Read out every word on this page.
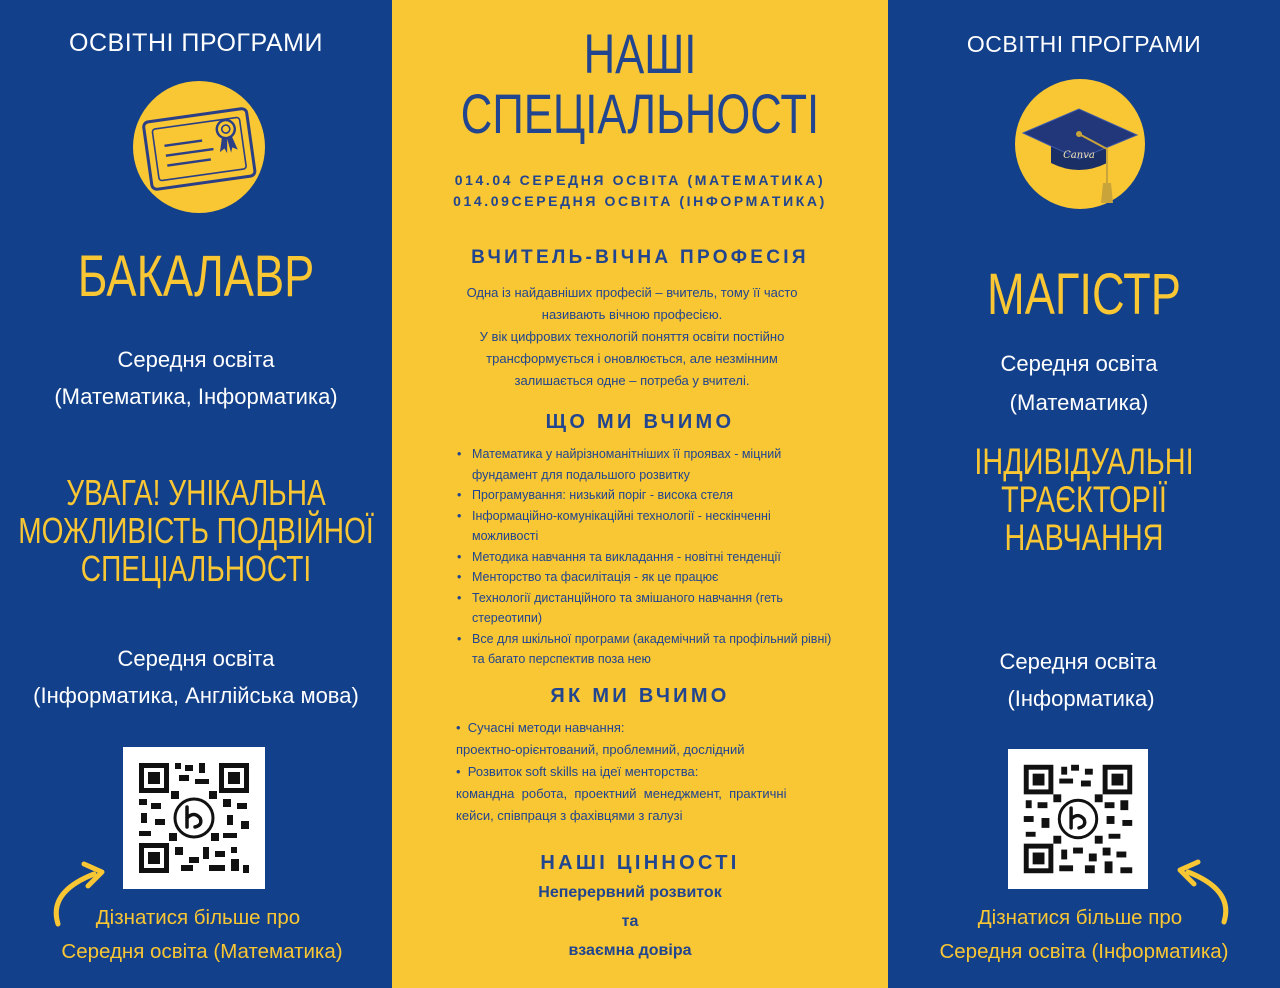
ОСВІТНІ ПРОГРАМИ
БАКАЛАВР
Середня освіта
(Математика, Інформатика)
УВАГА! УНІКАЛЬНА
МОЖЛИВІСТЬ ПОДВІЙНОЇ
СПЕЦІАЛЬНОСТІ
Середня освіта
(Інформатика, Англійська мова)
Дізнатися більше про
Середня освіта (Математика)
НАШІ
СПЕЦІАЛЬНОСТІ
014.04 СЕРЕДНЯ ОСВІТА (МАТЕМАТИКА)
014.09СЕРЕДНЯ ОСВІТА (ІНФОРМАТИКА)
ВЧИТЕЛЬ-ВІЧНА ПРОФЕСІЯ
Одна із найдавніших професій – вчитель, тому її часто
називають вічною професією.
У вік цифрових технологій поняття освіти постійно
трансформується і оновлюється, але незмінним
залишається одне – потреба у вчителі.
ЩО МИ ВЧИМО
• Математика у найрізноманітніших її проявах - міцний фундамент для подальшого розвитку
• Програмування: низький поріг - висока стеля
• Інформаційно-комунікаційні технології - нескінченні можливості
• Методика навчання та викладання - новітні тенденції
• Менторство та фасилітація - як це працює
• Технології дистанційного та змішаного навчання (геть стереотипи)
• Все для шкільної програми (академічний та профільний рівні) та багато перспектив поза нею
ЯК МИ ВЧИМО
•  Сучасні методи навчання:
проектно-орієнтований, проблемний, дослідний
•  Розвиток soft skills на ідеї менторства:
командна  робота,  проектний  менеджмент,  практичні
кейси, співпраця з фахівцями з галузі
НАШІ ЦІННОСТІ
Неперервний розвиток
та
взаємна довіра
ОСВІТНІ ПРОГРАМИ
Canva
МАГІСТР
Середня освіта
(Математика)
ІНДИВІДУАЛЬНІ
ТРАЄКТОРІЇ
НАВЧАННЯ
Середня освіта
(Інформатика)
Дізнатися більше про
Середня освіта (Інформатика)
